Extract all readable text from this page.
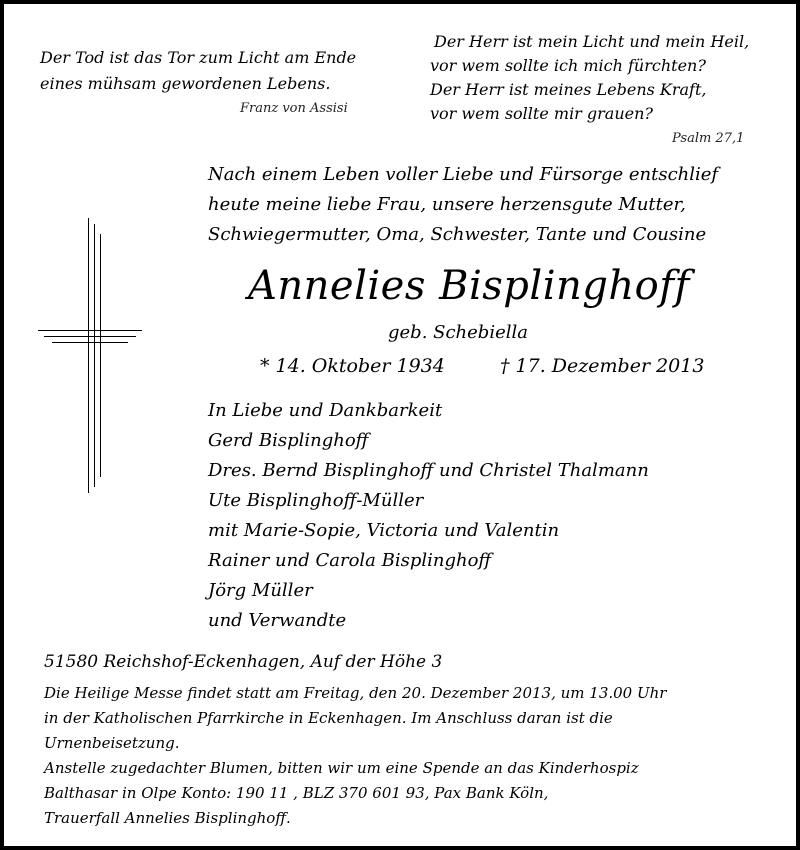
Der Tod ist das Tor zum Licht am Ende
eines mühsam gewordenen Lebens.
Franz von Assisi
Der Herr ist mein Licht und mein Heil,
vor wem sollte ich mich fürchten?
Der Herr ist meines Lebens Kraft,
vor wem sollte mir grauen?
Psalm 27,1
Nach einem Leben voller Liebe und Fürsorge entschlief
heute meine liebe Frau, unsere herzensgute Mutter,
Schwiegermutter, Oma, Schwester, Tante und Cousine
Annelies Bisplinghoff
geb. Schebiella
* 14. Oktober 1934	† 17. Dezember 2013
In Liebe und Dankbarkeit
Gerd Bisplinghoff
Dres. Bernd Bisplinghoff und Christel Thalmann
Ute Bisplinghoff-Müller
mit Marie-Sopie, Victoria und Valentin
Rainer und Carola Bisplinghoff
Jörg Müller
und Verwandte
51580 Reichshof-Eckenhagen, Auf der Höhe 3
Die Heilige Messe findet statt am Freitag, den 20. Dezember 2013, um 13.00 Uhr
in der Katholischen Pfarrkirche in Eckenhagen. Im Anschluss daran ist die
Urnenbeisetzung.
Anstelle zugedachter Blumen, bitten wir um eine Spende an das Kinderhospiz
Balthasar in Olpe Konto: 190 11 , BLZ 370 601 93, Pax Bank Köln,
Trauerfall Annelies Bisplinghoff.
